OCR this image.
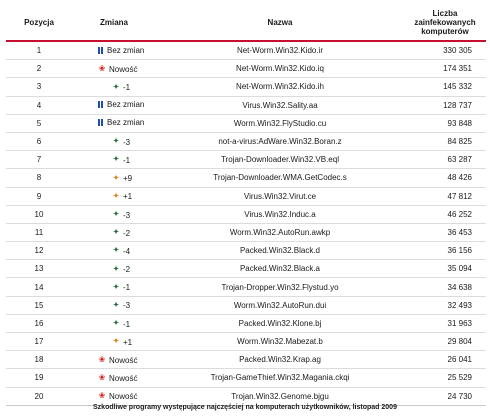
Pozycja	Zmiana	Nazwa	Liczba
zainfekowanych
komputerów
1	Bez zmian	Net-Worm.Win32.Kido.ir	330 305
2	❀ Nowość	Net-Worm.Win32.Kido.iq	174 351
3	✦ -1	Net-Worm.Win32.Kido.ih	145 332
4	Bez zmian	Virus.Win32.Sality.aa	128 737
5	Bez zmian	Worm.Win32.FlyStudio.cu	93 848
6	✦ -3	not-a-virus:AdWare.Win32.Boran.z	84 825
7	✦ -1	Trojan-Downloader.Win32.VB.eql	63 287
8	✦ +9	Trojan-Downloader.WMA.GetCodec.s	48 426
9	✦ +1	Virus.Win32.Virut.ce	47 812
10	✦ -3	Virus.Win32.Induc.a	46 252
11	✦ -2	Worm.Win32.AutoRun.awkp	36 453
12	✦ -4	Packed.Win32.Black.d	36 156
13	✦ -2	Packed.Win32.Black.a	35 094
14	✦ -1	Trojan-Dropper.Win32.Flystud.yo	34 638
15	✦ -3	Worm.Win32.AutoRun.dui	32 493
16	✦ -1	Packed.Win32.Klone.bj	31 963
17	✦ +1	Worm.Win32.Mabezat.b	29 804
18	❀ Nowość	Packed.Win32.Krap.ag	26 041
19	❀ Nowość	Trojan-GameThief.Win32.Magania.ckqi	25 529
20	❀ Nowość	Trojan.Win32.Genome.bjgu	24 730
Szkodliwe programy występujące najczęściej na komputerach użytkowników, listopad 2009
